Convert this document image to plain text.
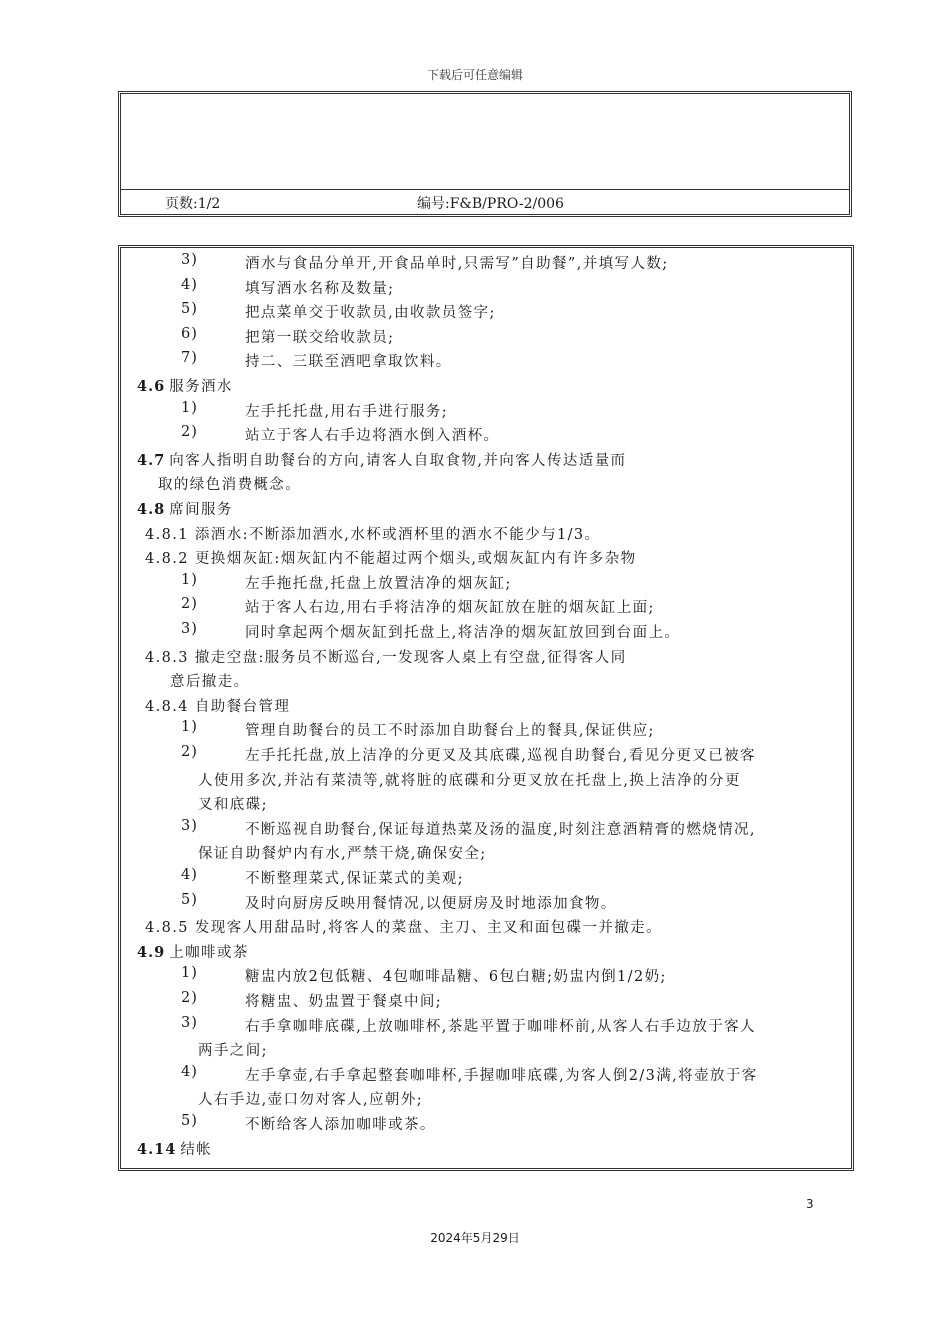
下载后可任意编辑
页数:1/2	编号:F&B/PRO-2/006
3)	酒水与食品分单开,开食品单时,只需写”自助餐”,并填写人数;
4)	填写酒水名称及数量;
5)	把点菜单交于收款员,由收款员签字;
6)	把第一联交给收款员;
7)	持二、三联至酒吧拿取饮料。
4.6 服务酒水
1)	左手托托盘,用右手进行服务;
2)	站立于客人右手边将酒水倒入酒杯。
4.7 向客人指明自助餐台的方向,请客人自取食物,并向客人传达适量而
取的绿色消费概念。
4.8 席间服务
4.8.1 添酒水:不断添加酒水,水杯或酒杯里的酒水不能少与1/3。
4.8.2 更换烟灰缸:烟灰缸内不能超过两个烟头,或烟灰缸内有许多杂物
1)	左手拖托盘,托盘上放置洁净的烟灰缸;
2)	站于客人右边,用右手将洁净的烟灰缸放在脏的烟灰缸上面;
3)	同时拿起两个烟灰缸到托盘上,将洁净的烟灰缸放回到台面上。
4.8.3 撤走空盘:服务员不断巡台,一发现客人桌上有空盘,征得客人同
意后撤走。
4.8.4 自助餐台管理
1)	管理自助餐台的员工不时添加自助餐台上的餐具,保证供应;
2)	左手托托盘,放上洁净的分更叉及其底碟,巡视自助餐台,看见分更叉已被客
人使用多次,并沾有菜渍等,就将脏的底碟和分更叉放在托盘上,换上洁净的分更
叉和底碟;
3)	不断巡视自助餐台,保证每道热菜及汤的温度,时刻注意酒精膏的燃烧情况,
保证自助餐炉内有水,严禁干烧,确保安全;
4)	不断整理菜式,保证菜式的美观;
5)	及时向厨房反映用餐情况,以便厨房及时地添加食物。
4.8.5 发现客人用甜品时,将客人的菜盘、主刀、主叉和面包碟一并撤走。
4.9 上咖啡或茶
1)	糖盅内放2包低糖、4包咖啡晶糖、6包白糖;奶盅内倒1/2奶;
2)	将糖盅、奶盅置于餐桌中间;
3)	右手拿咖啡底碟,上放咖啡杯,茶匙平置于咖啡杯前,从客人右手边放于客人
两手之间;
4)	左手拿壶,右手拿起整套咖啡杯,手握咖啡底碟,为客人倒2/3满,将壶放于客
人右手边,壶口勿对客人,应朝外;
5)	不断给客人添加咖啡或茶。
4.14 结帐
3
2024年5月29日
